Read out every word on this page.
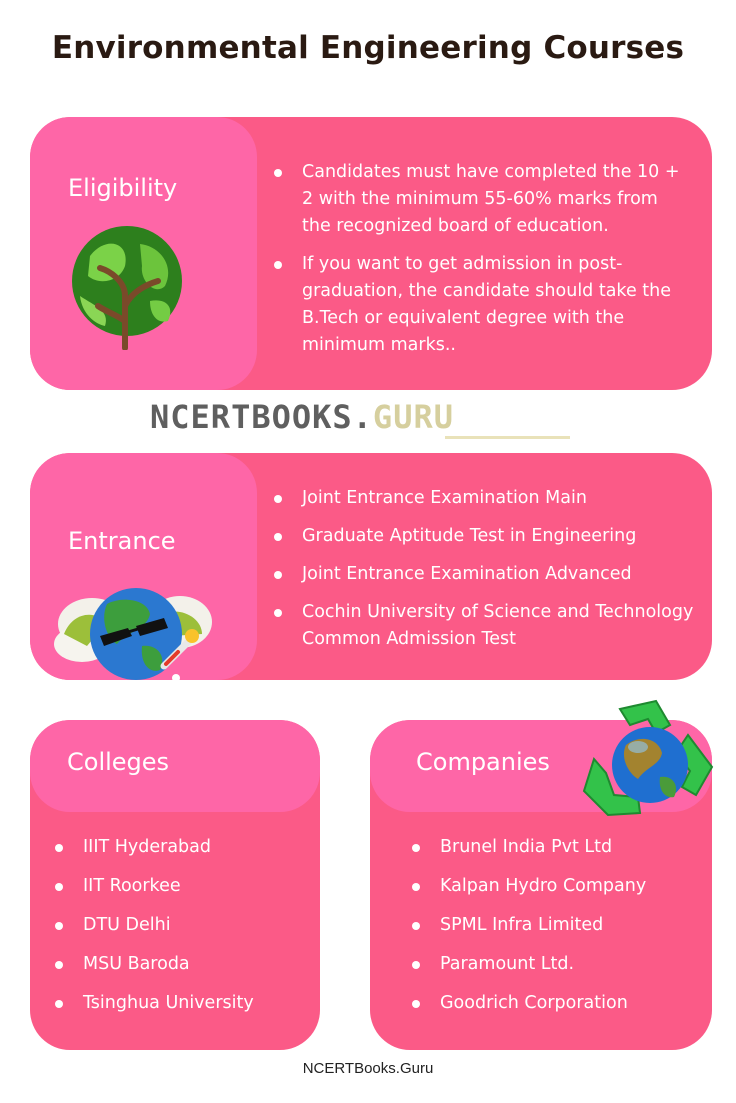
Environmental Engineering Courses
Eligibility
Candidates must have completed the 10 + 2 with the minimum 55-60% marks from the recognized board of education.
If you want to get admission in post-graduation, the candidate should take the B.Tech or equivalent degree with the minimum marks..
NCERTBOOKS.GURU
Entrance
Joint Entrance Examination Main
Graduate Aptitude Test in Engineering
Joint Entrance Examination Advanced
Cochin University of Science and Technology Common Admission Test
Colleges
IIIT Hyderabad
IIT Roorkee
DTU Delhi
MSU Baroda
Tsinghua University
Companies
Brunel India Pvt Ltd
Kalpan Hydro Company
SPML Infra Limited
Paramount Ltd.
Goodrich Corporation
NCERTBooks.Guru
